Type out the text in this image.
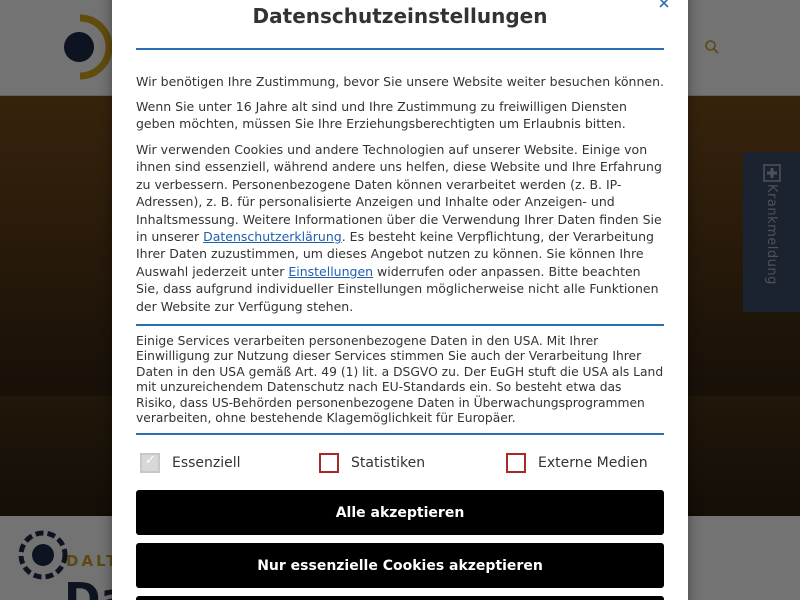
Datenschutzeinstellungen

Wir benötigen Ihre Zustimmung, bevor Sie unsere Website weiter besuchen können.

Wenn Sie unter 16 Jahre alt sind und Ihre Zustimmung zu freiwilligen Diensten geben möchten, müssen Sie Ihre Erziehungsberechtigten um Erlaubnis bitten.

Wir verwenden Cookies und andere Technologien auf unserer Website. Einige von ihnen sind essenziell, während andere uns helfen, diese Website und Ihre Erfahrung zu verbessern. Personenbezogene Daten können verarbeitet werden (z. B. IP-Adressen), z. B. für personalisierte Anzeigen und Inhalte oder Anzeigen- und Inhaltsmessung. Weitere Informationen über die Verwendung Ihrer Daten finden Sie in unserer Datenschutzerklärung. Es besteht keine Verpflichtung, der Verarbeitung Ihrer Daten zuzustimmen, um dieses Angebot nutzen zu können. Sie können Ihre Auswahl jederzeit unter Einstellungen widerrufen oder anpassen. Bitte beachten Sie, dass aufgrund individueller Einstellungen möglicherweise nicht alle Funktionen der Website zur Verfügung stehen.

Einige Services verarbeiten personenbezogene Daten in den USA. Mit Ihrer Einwilligung zur Nutzung dieser Services stimmen Sie auch der Verarbeitung Ihrer Daten in den USA gemäß Art. 49 (1) lit. a DSGVO zu. Der EuGH stuft die USA als Land mit unzureichendem Datenschutz nach EU-Standards ein. So besteht etwa das Risiko, dass US-Behörden personenbezogene Daten in Überwachungsprogrammen verarbeiten, ohne bestehende Klagemöglichkeit für Europäer.

✓
Essenziell	Statistiken	Externe Medien
Alle akzeptieren
Nur essenzielle Cookies akzeptieren
